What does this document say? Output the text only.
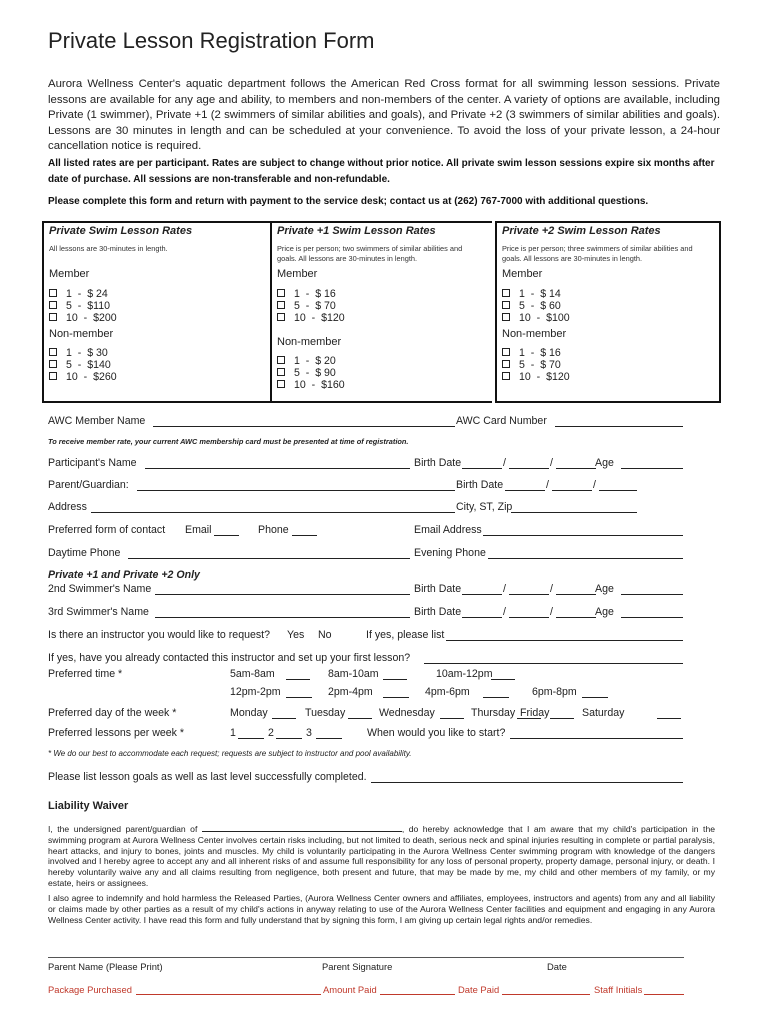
Private Lesson Registration Form
Aurora Wellness Center's aquatic department follows the American Red Cross format for all swimming lesson sessions. Private lessons are available for any age and ability, to members and non-members of the center. A variety of options are available, including Private (1 swimmer), Private +1 (2 swimmers of similar abilities and goals), and Private +2 (3 swimmers of similar abilities and goals). Lessons are 30 minutes in length and can be scheduled at your convenience. To avoid the loss of your private lesson, a 24-hour cancellation notice is required.
All listed rates are per participant. Rates are subject to change without prior notice. All private swim lesson sessions expire six months after date of purchase. All sessions are non-transferable and non-refundable.
Please complete this form and return with payment to the service desk; contact us at (262) 767-7000 with additional questions.
Private Swim Lesson Rates
All lessons are 30-minutes in length.
Member
1  -  $ 24
5  -  $110
10  -  $200
Non-member
1  -  $ 30
5  -  $140
10  -  $260
Private +1 Swim Lesson Rates
Price is per person; two swimmers of similar abilities and goals. All lessons are 30-minutes in length.
Member
1  -  $ 16
5  -  $ 70
10  -  $120
Non-member
1  -  $ 20
5  -  $ 90
10  -  $160
Private +2 Swim Lesson Rates
Price is per person; three swimmers of similar abilities and goals. All lessons are 30-minutes in length.
Member
1  -  $ 14
5  -  $ 60
10  -  $100
Non-member
1  -  $ 16
5  -  $ 70
10  -  $120
AWC Member Name	AWC Card Number
To receive member rate, your current AWC membership card must be presented at time of registration.
Participant's Name	Birth Date	/	/	Age
Parent/Guardian:	Birth Date	/	/
Address	City, ST, Zip
Preferred form of contact Email	Phone	Email Address
Daytime Phone	Evening Phone
Private +1 and Private +2 Only
2nd Swimmer's Name	Birth Date	/	/	Age
3rd Swimmer's Name	Birth Date	/	/	Age
Is there an instructor you would like to request? Yes No	If yes, please list
If yes, have you already contacted this instructor and set up your first lesson?
Preferred time *	5am-8am	8am-10am	10am-12pm
12pm-2pm	2pm-4pm	4pm-6pm	6pm-8pm
Preferred day of the week *	Monday	Tuesday	Wednesday	Thursday Friday	Saturday
Preferred lessons per week *	1	2	3	When would you like to start?
* We do our best to accommodate each request; requests are subject to instructor and pool availability.
Please list lesson goals as well as last level successfully completed.
Liability Waiver
I, the undersigned parent/guardian of	, do hereby acknowledge that I am aware that my child's participation in the swimming program at Aurora Wellness Center involves certain risks including, but not limited to death, serious neck and spinal injuries resulting in complete or partial paralysis, heart attacks, and injury to bones, joints and muscles. My child is voluntarily participating in the Aurora Wellness Center swimming program with knowledge of the dangers involved and I hereby agree to accept any and all inherent risks of and assume full responsibility for any loss of personal property, property damage, personal injury, or death. I hereby voluntarily waive any and all claims resulting from negligence, both present and future, that may be made by me, my child and other members of my family, or my estate, heirs or assignees.
I also agree to indemnify and hold harmless the Released Parties, (Aurora Wellness Center owners and affiliates, employees, instructors and agents) from any and all liability or claims made by other parties as a result of my child's actions in anyway relating to use of the Aurora Wellness Center facilities and equipment and engaging in any Aurora Wellness Center activity. I have read this form and fully understand that by signing this form, I am giving up certain legal rights and/or remedies.
Parent Name (Please Print)	Parent Signature	Date
Package Purchased	Amount Paid	Date Paid	Staff Initials
